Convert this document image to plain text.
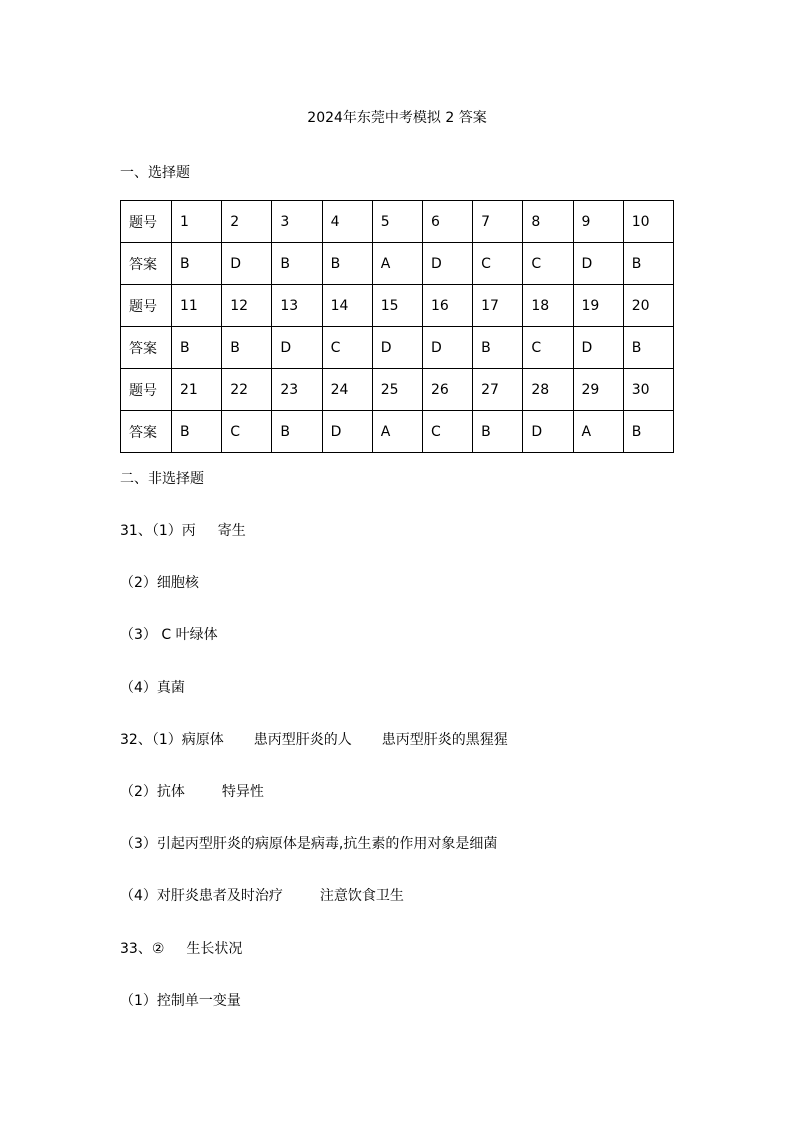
2024年东莞中考模拟 2 答案
一、选择题
题号	1	2	3	4	5	6	7	8	9	10
答案	B	D	B	B	A	D	C	C	D	B
题号	11	12	13	14	15	16	17	18	19	20
答案	B	B	D	C	D	D	B	C	D	B
题号	21	22	23	24	25	26	27	28	29	30
答案	B	C	B	D	A	C	B	D	A	B
二、非选择题
31、（1）丙 寄生
（2）细胞核
（3） C 叶绿体
（4）真菌
32、（1）病原体 患丙型肝炎的人 患丙型肝炎的黑猩猩
（2）抗体	特异性
（3）引起丙型肝炎的病原体是病毒,抗生素的作用对象是细菌
（4）对肝炎患者及时治疗	注意饮食卫生
33、② 生长状况
（1）控制单一变量
